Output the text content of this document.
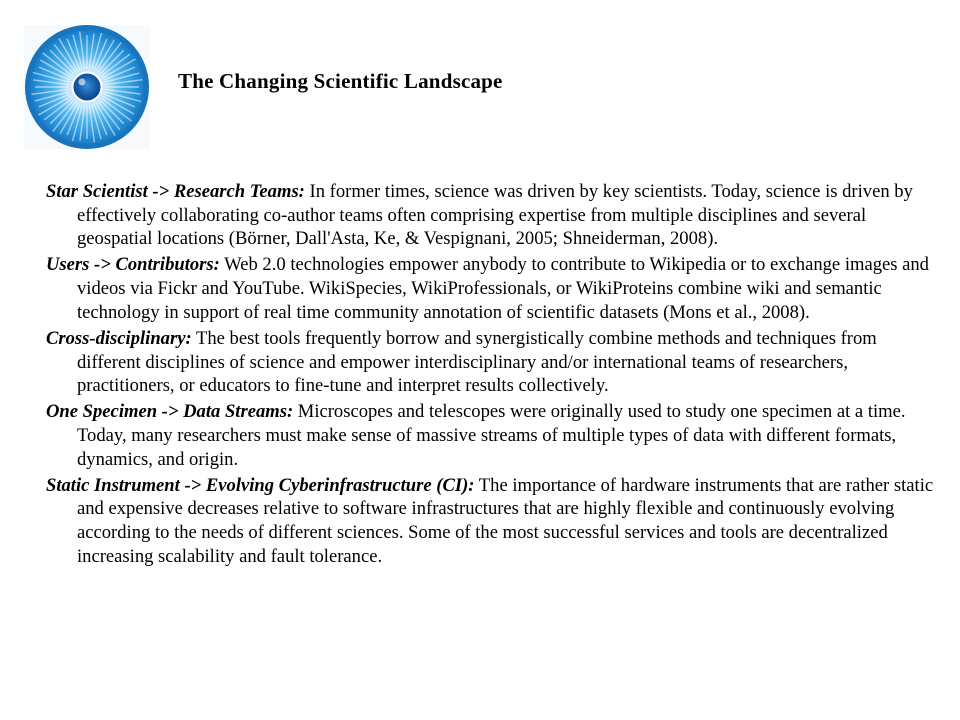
The Changing Scientific Landscape

Star Scientist -> Research Teams: In former times, science was driven by key scientists. Today, science is driven by effectively collaborating co-author teams often comprising expertise from multiple disciplines and several geospatial locations (Börner, Dall'Asta, Ke, & Vespignani, 2005; Shneiderman, 2008).

Users -> Contributors: Web 2.0 technologies empower anybody to contribute to Wikipedia or to exchange images and videos via Fickr and YouTube. WikiSpecies, WikiProfessionals, or WikiProteins combine wiki and semantic technology in support of real time community annotation of scientific datasets (Mons et al., 2008).

Cross-disciplinary: The best tools frequently borrow and synergistically combine methods and techniques from different disciplines of science and empower interdisciplinary and/or international teams of researchers, practitioners, or educators to fine-tune and interpret results collectively.

One Specimen -> Data Streams: Microscopes and telescopes were originally used to study one specimen at a time. Today, many researchers must make sense of massive streams of multiple types of data with different formats, dynamics, and origin.

Static Instrument -> Evolving Cyberinfrastructure (CI): The importance of hardware instruments that are rather static and expensive decreases relative to software infrastructures that are highly flexible and continuously evolving according to the needs of different sciences. Some of the most successful services and tools are decentralized increasing scalability and fault tolerance.
